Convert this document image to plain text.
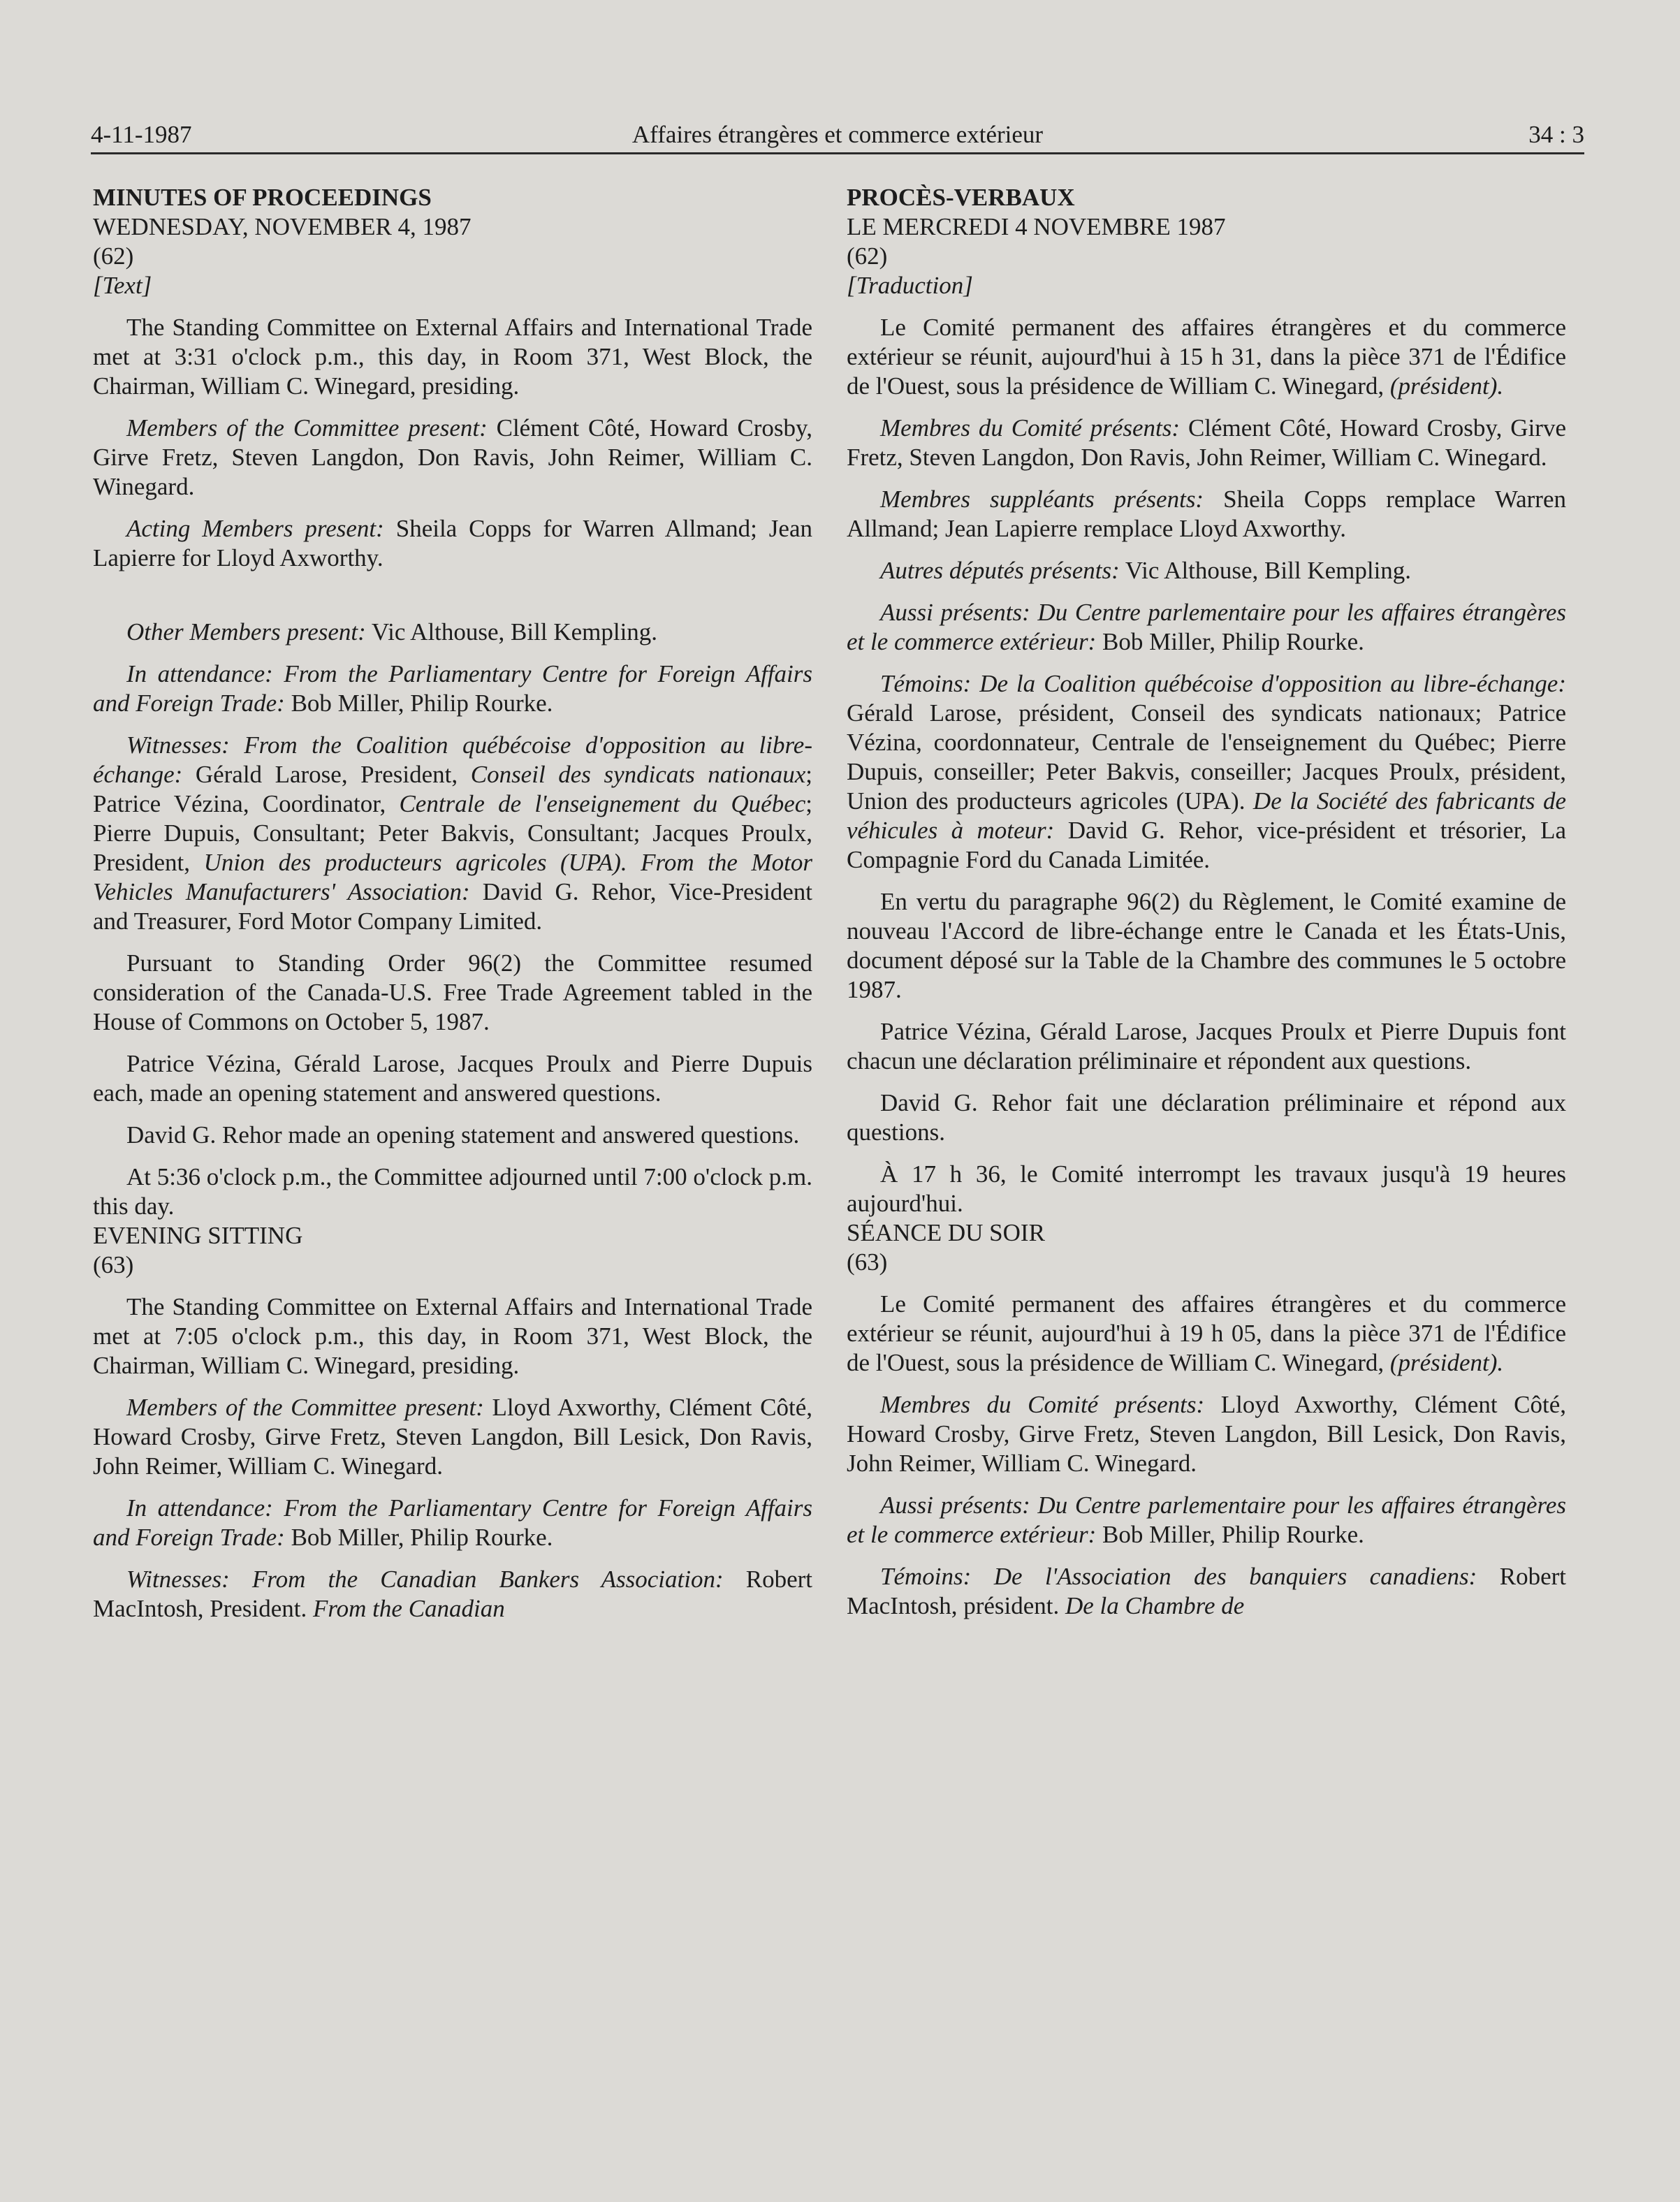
4-11-1987	Affaires étrangères et commerce extérieur	34 : 3

MINUTES OF PROCEEDINGS

WEDNESDAY, NOVEMBER 4, 1987

(62)

[Text]

The Standing Committee on External Affairs and International Trade met at 3:31 o'clock p.m., this day, in Room 371, West Block, the Chairman, William C. Winegard, presiding.

Members of the Committee present: Clément Côté, Howard Crosby, Girve Fretz, Steven Langdon, Don Ravis, John Reimer, William C. Winegard.

Acting Members present: Sheila Copps for Warren Allmand; Jean Lapierre for Lloyd Axworthy.

Other Members present: Vic Althouse, Bill Kempling.

In attendance: From the Parliamentary Centre for Foreign Affairs and Foreign Trade: Bob Miller, Philip Rourke.

Witnesses: From the Coalition québécoise d'opposition au libre-échange: Gérald Larose, President, Conseil des syndicats nationaux; Patrice Vézina, Coordinator, Centrale de l'enseignement du Québec; Pierre Dupuis, Consultant; Peter Bakvis, Consultant; Jacques Proulx, President, Union des producteurs agricoles (UPA). From the Motor Vehicles Manufacturers' Association: David G. Rehor, Vice-President and Treasurer, Ford Motor Company Limited.

Pursuant to Standing Order 96(2) the Committee resumed consideration of the Canada-U.S. Free Trade Agreement tabled in the House of Commons on October 5, 1987.

Patrice Vézina, Gérald Larose, Jacques Proulx and Pierre Dupuis each, made an opening statement and answered questions.

David G. Rehor made an opening statement and answered questions.

At 5:36 o'clock p.m., the Committee adjourned until 7:00 o'clock p.m. this day.

EVENING SITTING

(63)

The Standing Committee on External Affairs and International Trade met at 7:05 o'clock p.m., this day, in Room 371, West Block, the Chairman, William C. Winegard, presiding.

Members of the Committee present: Lloyd Axworthy, Clément Côté, Howard Crosby, Girve Fretz, Steven Langdon, Bill Lesick, Don Ravis, John Reimer, William C. Winegard.

In attendance: From the Parliamentary Centre for Foreign Affairs and Foreign Trade: Bob Miller, Philip Rourke.

Witnesses: From the Canadian Bankers Association: Robert MacIntosh, President. From the Canadian

PROCÈS-VERBAUX

LE MERCREDI 4 NOVEMBRE 1987

(62)

[Traduction]

Le Comité permanent des affaires étrangères et du commerce extérieur se réunit, aujourd'hui à 15 h 31, dans la pièce 371 de l'Édifice de l'Ouest, sous la présidence de William C. Winegard, (président).

Membres du Comité présents: Clément Côté, Howard Crosby, Girve Fretz, Steven Langdon, Don Ravis, John Reimer, William C. Winegard.

Membres suppléants présents: Sheila Copps remplace Warren Allmand; Jean Lapierre remplace Lloyd Axworthy.

Autres députés présents: Vic Althouse, Bill Kempling.

Aussi présents: Du Centre parlementaire pour les affaires étrangères et le commerce extérieur: Bob Miller, Philip Rourke.

Témoins: De la Coalition québécoise d'opposition au libre-échange: Gérald Larose, président, Conseil des syndicats nationaux; Patrice Vézina, coordonnateur, Centrale de l'enseignement du Québec; Pierre Dupuis, conseiller; Peter Bakvis, conseiller; Jacques Proulx, président, Union des producteurs agricoles (UPA). De la Société des fabricants de véhicules à moteur: David G. Rehor, vice-président et trésorier, La Compagnie Ford du Canada Limitée.

En vertu du paragraphe 96(2) du Règlement, le Comité examine de nouveau l'Accord de libre-échange entre le Canada et les États-Unis, document déposé sur la Table de la Chambre des communes le 5 octobre 1987.

Patrice Vézina, Gérald Larose, Jacques Proulx et Pierre Dupuis font chacun une déclaration préliminaire et répondent aux questions.

David G. Rehor fait une déclaration préliminaire et répond aux questions.

À 17 h 36, le Comité interrompt les travaux jusqu'à 19 heures aujourd'hui.

SÉANCE DU SOIR

(63)

Le Comité permanent des affaires étrangères et du commerce extérieur se réunit, aujourd'hui à 19 h 05, dans la pièce 371 de l'Édifice de l'Ouest, sous la présidence de William C. Winegard, (président).

Membres du Comité présents: Lloyd Axworthy, Clément Côté, Howard Crosby, Girve Fretz, Steven Langdon, Bill Lesick, Don Ravis, John Reimer, William C. Winegard.

Aussi présents: Du Centre parlementaire pour les affaires étrangères et le commerce extérieur: Bob Miller, Philip Rourke.

Témoins: De l'Association des banquiers canadiens: Robert MacIntosh, président. De la Chambre de
